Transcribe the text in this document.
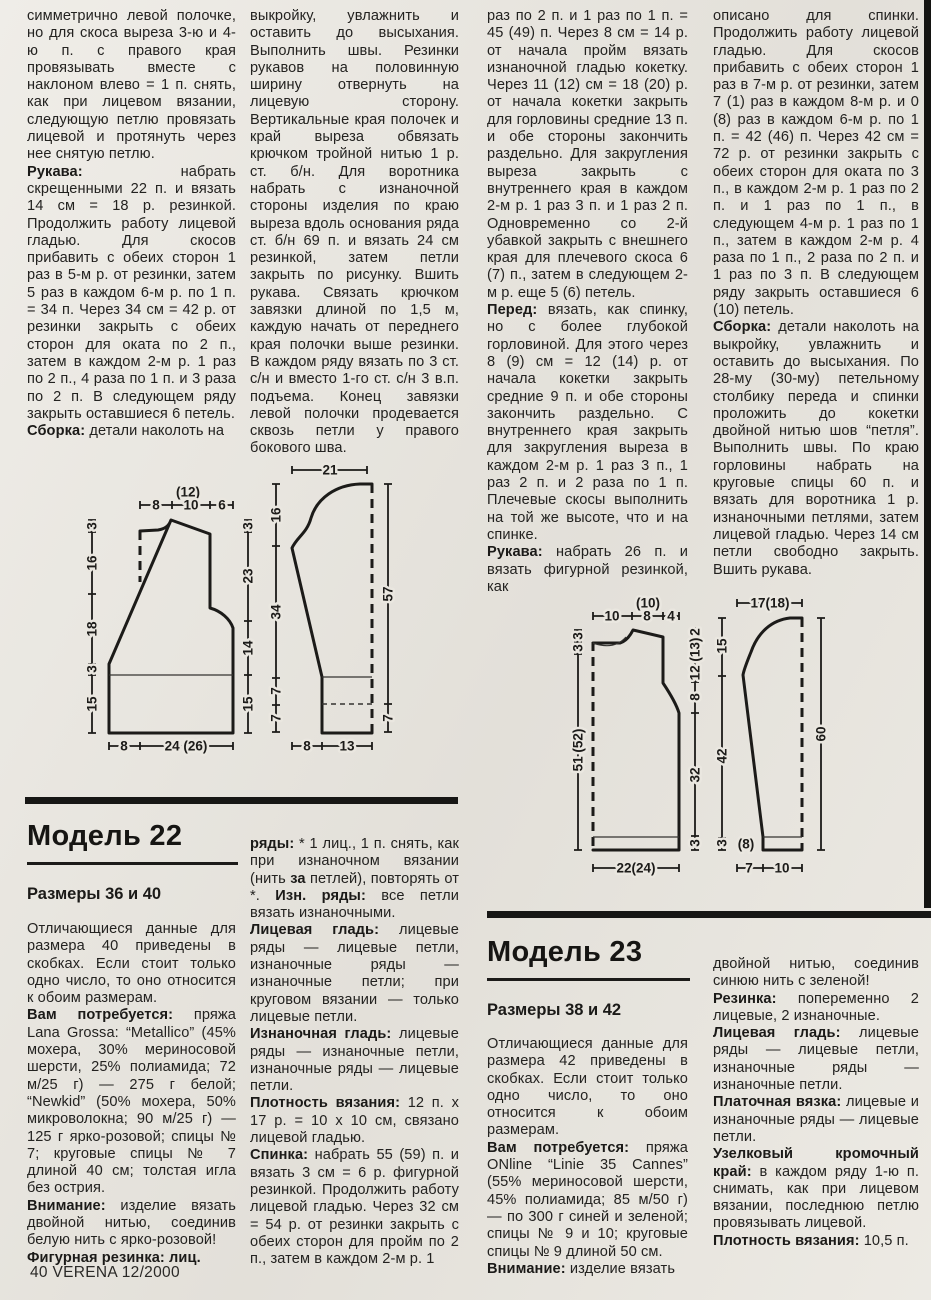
симметрично левой полочке, но для скоса выреза 3-ю и 4-ю п. с правого края провязывать вместе с наклоном влево = 1 п. снять, как при лицевом вязании, следующую петлю провязать лицевой и протянуть через нее снятую петлю.

Рукава: набрать скрещенными 22 п. и вязать 14 см = 18 р. резинкой. Продолжить работу лицевой гладью. Для скосов прибавить с обеих сторон 1 раз в 5-м р. от резинки, затем 5 раз в каждом 6-м р. по 1 п. = 34 п. Через 34 см = 42 р. от резинки закрыть с обеих сторон для оката по 2 п., затем в каждом 2-м р. 1 раз по 2 п., 4 раза по 1 п. и 3 раза по 2 п. В следующем ряду закрыть оставшиеся 6 петель.

Сборка: детали наколоть на

выкройку, увлажнить и оставить до высыхания. Выполнить швы. Резинки рукавов на половинную ширину отвернуть на лицевую сторону. Вертикальные края полочек и край выреза обвязать крючком тройной нитью 1 р. ст. б/н. Для воротника набрать с изнаночной стороны изделия по краю выреза вдоль основания ряда ст. б/н 69 п. и вязать 24 см резинкой, затем петли закрыть по рисунку. Вшить рукава. Связать крючком завязки длиной по 1,5 м, каждую начать от переднего края полочки выше резинки. В каждом ряду вязать по 3 ст. с/н и вместо 1-го ст. с/н 3 в.п. подъема. Конец завязки левой полочки продевается сквозь петли у правого бокового шва.

раз по 2 п. и 1 раз по 1 п. = 45 (49) п. Через 8 см = 14 р. от начала пройм вязать изнаночной гладью кокетку. Через 11 (12) см = 18 (20) р. от начала кокетки закрыть для горловины средние 13 п. и обе стороны закончить раздельно. Для закругления выреза закрыть с внутреннего края в каждом 2-м р. 1 раз 3 п. и 1 раз 2 п. Одновременно со 2-й убавкой закрыть с внешнего края для плечевого скоса 6 (7) п., затем в следующем 2-м р. еще 5 (6) петель.

Перед: вязать, как спинку, но с более глубокой горловиной. Для этого через 8 (9) см = 12 (14) р. от начала кокетки закрыть средние 9 п. и обе стороны закончить раздельно. С внутреннего края закрыть для закругления выреза в каждом 2-м р. 1 раз 3 п., 1 раз 2 п. и 2 раза по 1 п. Плечевые скосы выполнить на той же высоте, что и на спинке.

Рукава: набрать 26 п. и вязать фигурной резинкой, как

описано для спинки. Продолжить работу лицевой гладью. Для скосов прибавить с обеих сторон 1 раз в 7-м р. от резинки, затем 7 (1) раз в каждом 8-м р. и 0 (8) раз в каждом 6-м р. по 1 п. = 42 (46) п. Через 42 см = 72 р. от резинки закрыть с обеих сторон для оката по 3 п., в каждом 2-м р. 1 раз по 2 п. и 1 раз по 1 п., в следующем 4-м р. 1 раз по 1 п., затем в каждом 2-м р. 4 раза по 1 п., 2 раза по 2 п. и 1 раз по 3 п. В следующем ряду закрыть оставшиеся 6 (10) петель.

Сборка: детали наколоть на выкройку, увлажнить и оставить до высыхания. По 28-му (30-му) петельному столбику переда и спинки проложить до кокетки двойной нитью шов “петля”. Выполнить швы. По краю горловины набрать на круговые спицы 60 п. и вязать для воротника 1 р. изнаночными петлями, затем лицевой гладью. Через 14 см петли свободно закрыть. Вшить рукава.

(12)
8 10 6
3
16
18
3
15
3
23
14
15
8	24 (26)
21
16
34
7
7
57
7
8 13
Модель 22
Размеры 36 и 40

Отличающиеся данные для размера 40 приведены в скобках. Если стоит только одно число, то оно относится к обоим размерам.

Вам потребуется: пряжа Lana Grossa: “Metallico” (45% мохера, 30% мериносовой шерсти, 25% полиамида; 72 м/25 г) — 275 г белой; “Newkid” (50% мохера, 50% микроволокна; 90 м/25 г) — 125 г ярко-розовой; спицы № 7; круговые спицы № 7 длиной 40 см; толстая игла без острия.

Внимание: изделие вязать двойной нитью, соединив белую нить с ярко-розовой!

Фигурная резинка: лиц.

ряды: * 1 лиц., 1 п. снять, как при изнаночном вязании (нить за петлей), повторять от *. Изн. ряды: все петли вязать изнаночными.

Лицевая гладь: лицевые ряды — лицевые петли, изнаночные ряды — изнаночные петли; при круговом вязании — только лицевые петли.

Изнаночная гладь: лицевые ряды — изнаночные петли, изнаночные ряды — лицевые петли.

Плотность вязания: 12 п. х 17 р. = 10 х 10 см, связано лицевой гладью.

Спинка: набрать 55 (59) п. и вязать 3 см = 6 р. фигурной резинкой. Продолжить работу лицевой гладью. Через 32 см = 54 р. от резинки закрыть с обеих сторон для пройм по 2 п., затем в каждом 2-м р. 1

(10)
10 8 4
3
3
51 (52)
2
12 (13)
8
32
3
22(24)
17(18)
15
42
3
60
(8)
7 10
Модель 23
Размеры 38 и 42

Отличающиеся данные для размера 42 приведены в скобках. Если стоит только одно число, то оно относится к обоим размерам.

Вам потребуется: пряжа ONline “Linie 35 Cannes” (55% мериносовой шерсти, 45% полиамида; 85 м/50 г) — по 300 г синей и зеленой; спицы № 9 и 10; круговые спицы № 9 длиной 50 см.

Внимание: изделие вязать

двойной нитью, соединив синюю нить с зеленой!

Резинка: попеременно 2 лицевые, 2 изнаночные.

Лицевая гладь: лицевые ряды — лицевые петли, изнаночные ряды — изнаночные петли.

Платочная вязка: лицевые и изнаночные ряды — лицевые петли.

Узелковый кромочный край: в каждом ряду 1-ю п. снимать, как при лицевом вязании, последнюю петлю провязывать лицевой.

Плотность вязания: 10,5 п.

40 VERENA 12/2000
